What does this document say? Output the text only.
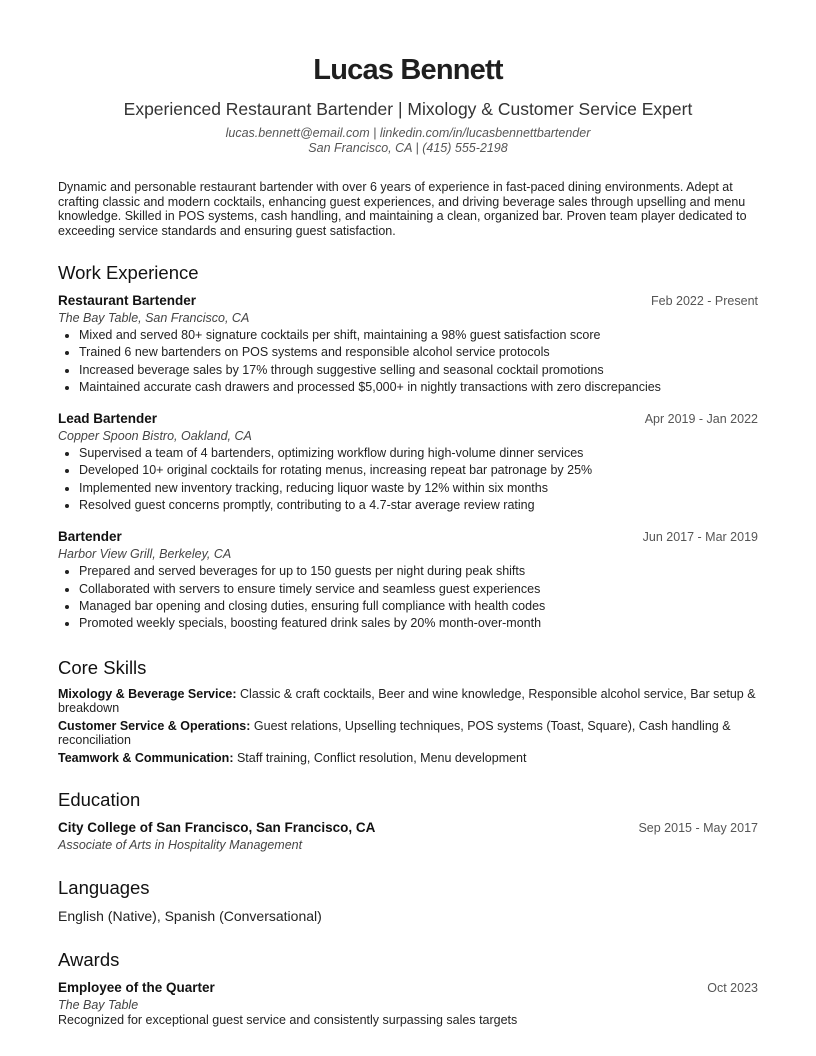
Lucas Bennett
Experienced Restaurant Bartender | Mixology & Customer Service Expert
lucas.bennett@email.com | linkedin.com/in/lucasbennettbartender
San Francisco, CA | (415) 555-2198
Dynamic and personable restaurant bartender with over 6 years of experience in fast-paced dining environments. Adept at crafting classic and modern cocktails, enhancing guest experiences, and driving beverage sales through upselling and menu knowledge. Skilled in POS systems, cash handling, and maintaining a clean, organized bar. Proven team player dedicated to exceeding service standards and ensuring guest satisfaction.
Work Experience
Restaurant Bartender	Feb 2022 - Present
The Bay Table, San Francisco, CA
• Mixed and served 80+ signature cocktails per shift, maintaining a 98% guest satisfaction score
• Trained 6 new bartenders on POS systems and responsible alcohol service protocols
• Increased beverage sales by 17% through suggestive selling and seasonal cocktail promotions
• Maintained accurate cash drawers and processed $5,000+ in nightly transactions with zero discrepancies
Lead Bartender	Apr 2019 - Jan 2022
Copper Spoon Bistro, Oakland, CA
• Supervised a team of 4 bartenders, optimizing workflow during high-volume dinner services
• Developed 10+ original cocktails for rotating menus, increasing repeat bar patronage by 25%
• Implemented new inventory tracking, reducing liquor waste by 12% within six months
• Resolved guest concerns promptly, contributing to a 4.7-star average review rating
Bartender	Jun 2017 - Mar 2019
Harbor View Grill, Berkeley, CA
• Prepared and served beverages for up to 150 guests per night during peak shifts
• Collaborated with servers to ensure timely service and seamless guest experiences
• Managed bar opening and closing duties, ensuring full compliance with health codes
• Promoted weekly specials, boosting featured drink sales by 20% month-over-month
Core Skills
Mixology & Beverage Service: Classic & craft cocktails, Beer and wine knowledge, Responsible alcohol service, Bar setup & breakdown
Customer Service & Operations: Guest relations, Upselling techniques, POS systems (Toast, Square), Cash handling & reconciliation
Teamwork & Communication: Staff training, Conflict resolution, Menu development
Education
City College of San Francisco, San Francisco, CA	Sep 2015 - May 2017
Associate of Arts in Hospitality Management
Languages
English (Native), Spanish (Conversational)
Awards
Employee of the Quarter	Oct 2023
The Bay Table
Recognized for exceptional guest service and consistently surpassing sales targets
